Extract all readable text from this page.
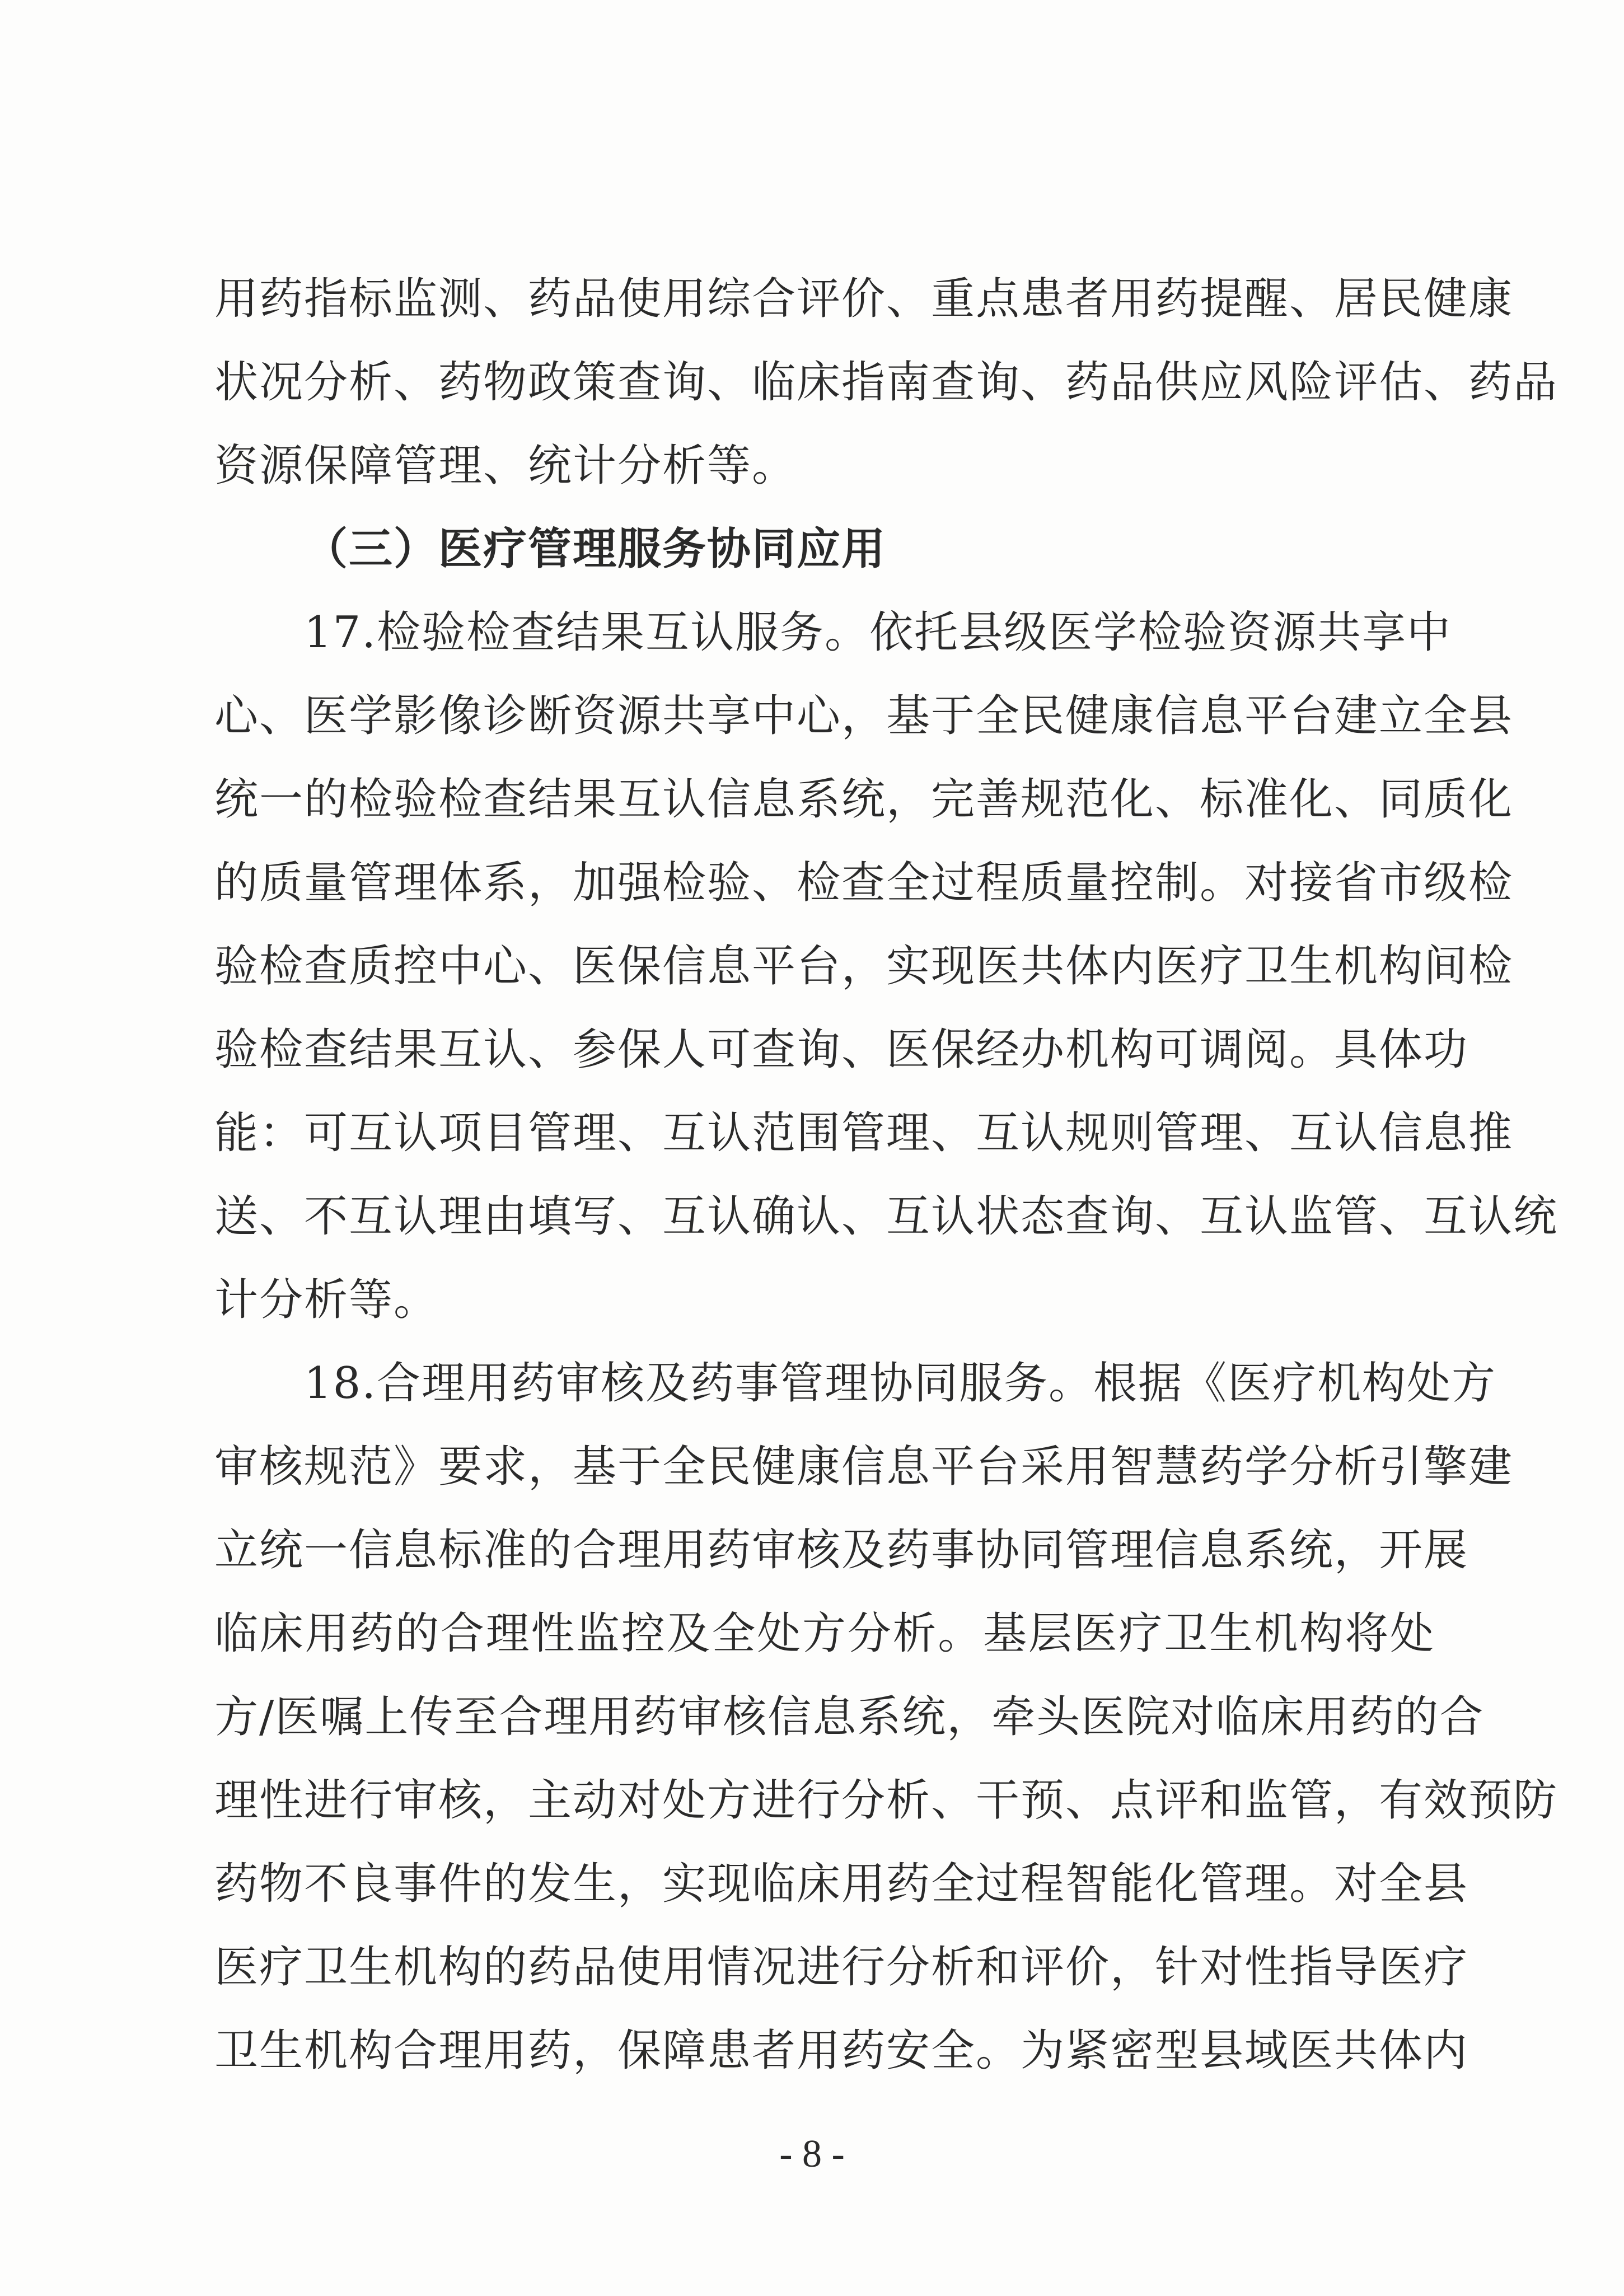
用药指标监测、药品使用综合评价、重点患者用药提醒、居民健康
状况分析、药物政策查询、临床指南查询、药品供应风险评估、药品
资源保障管理、统计分析等。
（三）医疗管理服务协同应用
17.检验检查结果互认服务。依托县级医学检验资源共享中
心、医学影像诊断资源共享中心，基于全民健康信息平台建立全县
统一的检验检查结果互认信息系统，完善规范化、标准化、同质化
的质量管理体系，加强检验、检查全过程质量控制。对接省市级检
验检查质控中心、医保信息平台，实现医共体内医疗卫生机构间检
验检查结果互认、参保人可查询、医保经办机构可调阅。具体功
能：可互认项目管理、互认范围管理、互认规则管理、互认信息推
送、不互认理由填写、互认确认、互认状态查询、互认监管、互认统
计分析等。
18.合理用药审核及药事管理协同服务。根据《医疗机构处方
审核规范》要求，基于全民健康信息平台采用智慧药学分析引擎建
立统一信息标准的合理用药审核及药事协同管理信息系统，开展
临床用药的合理性监控及全处方分析。基层医疗卫生机构将处
方/医嘱上传至合理用药审核信息系统，牵头医院对临床用药的合
理性进行审核，主动对处方进行分析、干预、点评和监管，有效预防
药物不良事件的发生，实现临床用药全过程智能化管理。对全县
医疗卫生机构的药品使用情况进行分析和评价，针对性指导医疗
卫生机构合理用药，保障患者用药安全。为紧密型县域医共体内
- 8 -
